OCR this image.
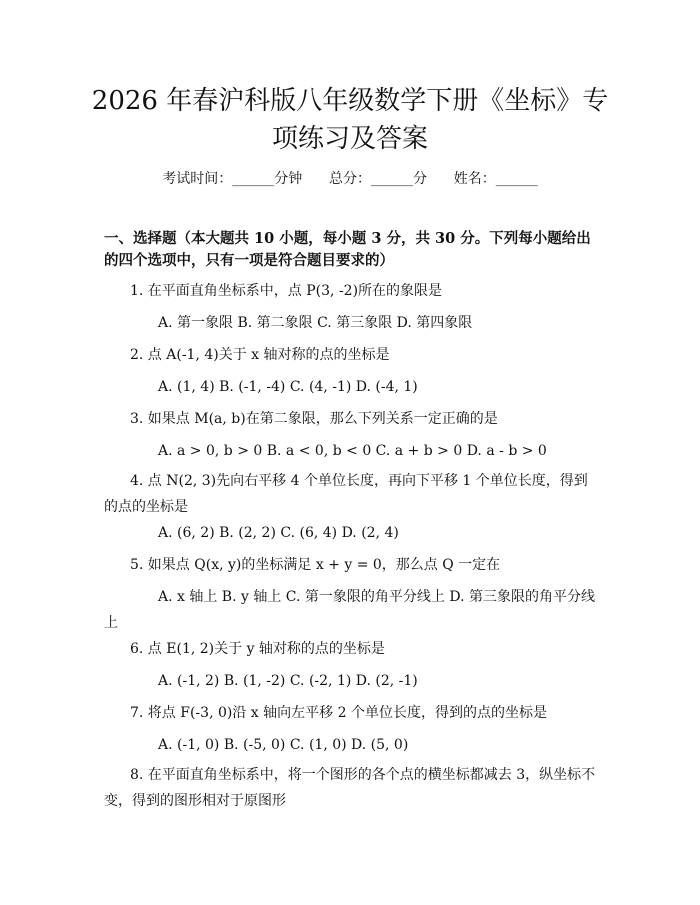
2026 年春沪科版八年级数学下册《坐标》专项练习及答案
考试时间：______分钟      总分：______分      姓名：______

一、选择题（本大题共 10 小题，每小题 3 分，共 30 分。下列每小题给出的四个选项中，只有一项是符合题目要求的）

1. 在平面直角坐标系中，点 P(3, -2)所在的象限是

A. 第一象限 B. 第二象限 C. 第三象限 D. 第四象限

2. 点 A(-1, 4)关于 x 轴对称的点的坐标是

A. (1, 4) B. (-1, -4) C. (4, -1) D. (-4, 1)

3. 如果点 M(a, b)在第二象限，那么下列关系一定正确的是

A. a > 0, b > 0 B. a < 0, b < 0 C. a + b > 0 D. a - b > 0

4. 点 N(2, 3)先向右平移 4 个单位长度，再向下平移 1 个单位长度，得到的点的坐标是

A. (6, 2) B. (2, 2) C. (6, 4) D. (2, 4)

5. 如果点 Q(x, y)的坐标满足 x + y = 0，那么点 Q 一定在

A. x 轴上 B. y 轴上 C. 第一象限的角平分线上 D. 第三象限的角平分线上

6. 点 E(1, 2)关于 y 轴对称的点的坐标是

A. (-1, 2) B. (1, -2) C. (-2, 1) D. (2, -1)

7. 将点 F(-3, 0)沿 x 轴向左平移 2 个单位长度，得到的点的坐标是

A. (-1, 0) B. (-5, 0) C. (1, 0) D. (5, 0)

8. 在平面直角坐标系中，将一个图形的各个点的横坐标都减去 3，纵坐标不变，得到的图形相对于原图形
